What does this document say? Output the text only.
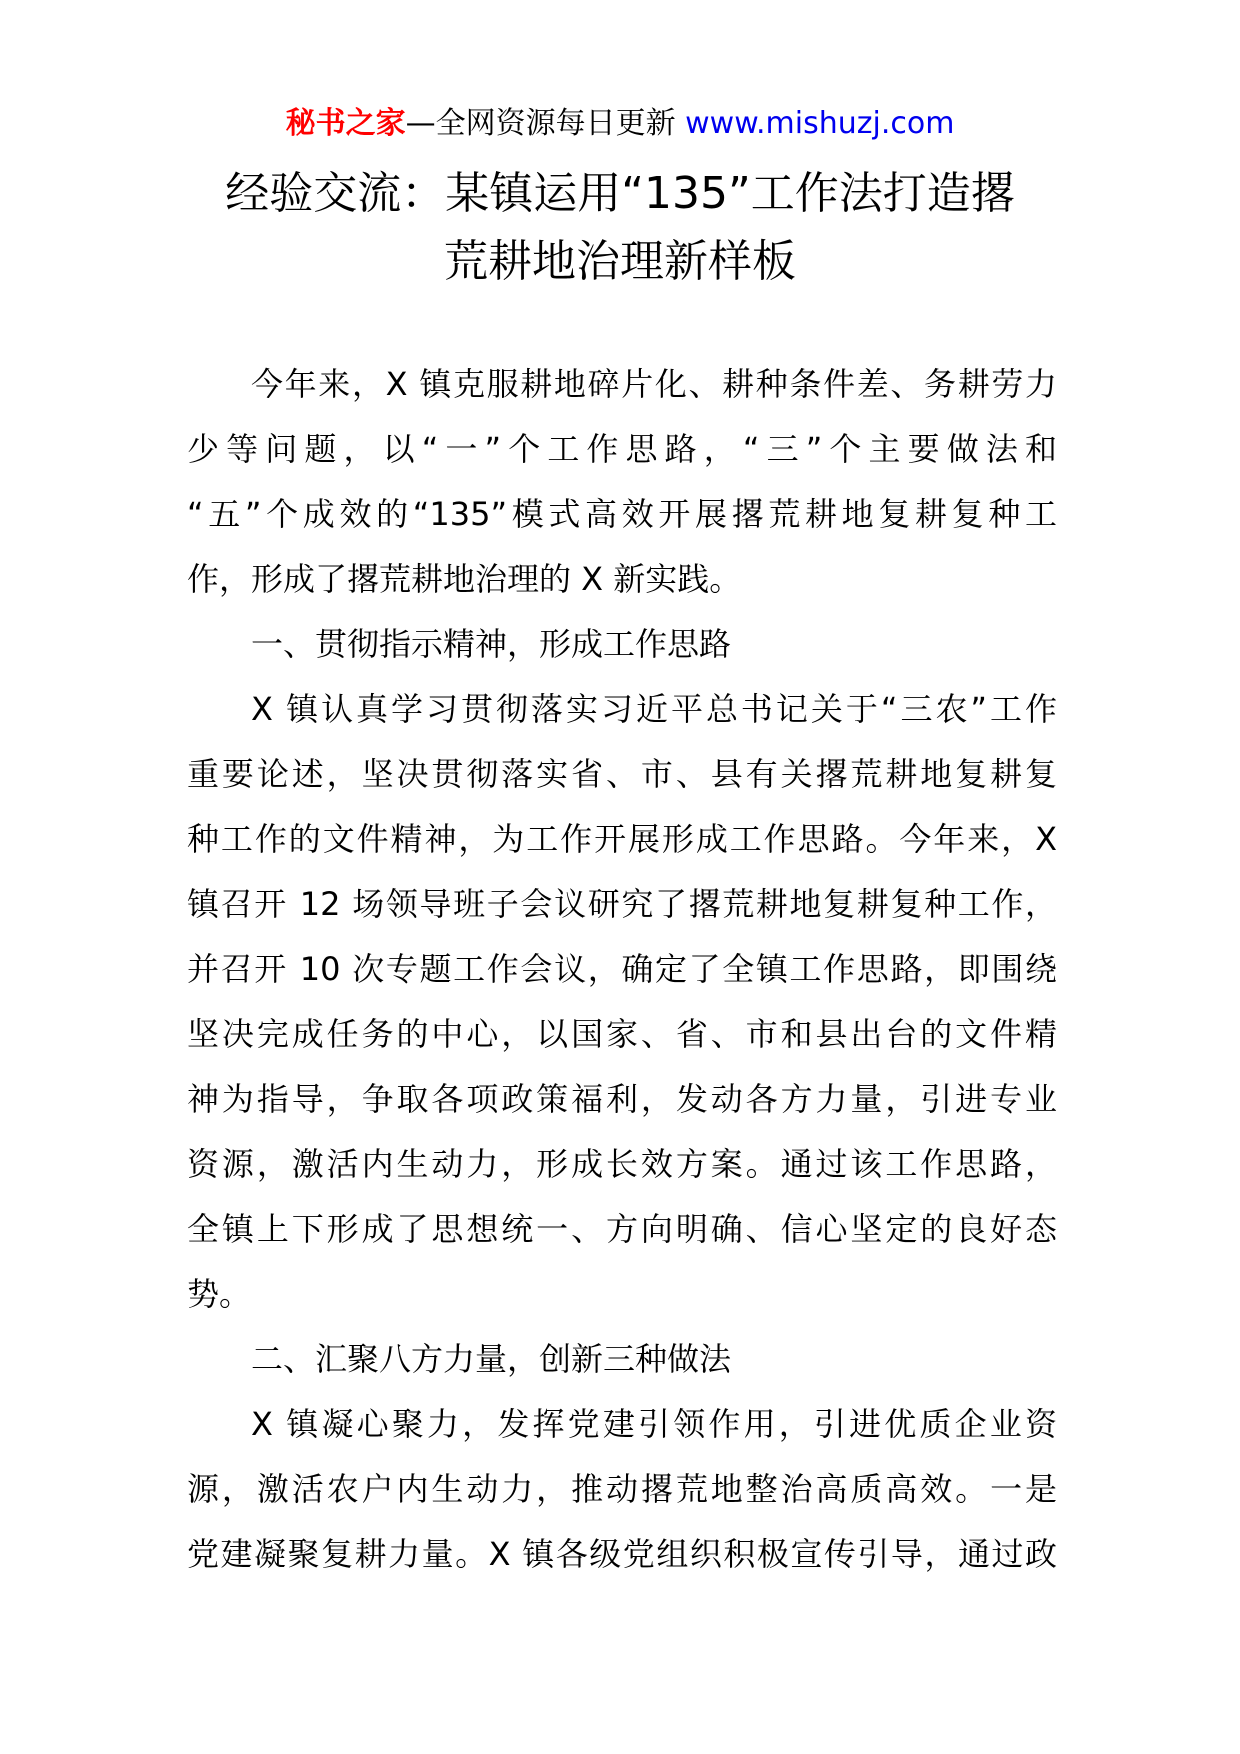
秘书之家—全网资源每日更新 www.mishuzj.com
经验交流：某镇运用“135”工作法打造撂
荒耕地治理新样板
今年来，X 镇克服耕地碎片化、耕种条件差、务耕劳力
少等问题，以“一”个工作思路，“三”个主要做法和
“五”个成效的“135”模式高效开展撂荒耕地复耕复种工
作，形成了撂荒耕地治理的 X 新实践。
一、贯彻指示精神，形成工作思路
X 镇认真学习贯彻落实习近平总书记关于“三农”工作
重要论述，坚决贯彻落实省、市、县有关撂荒耕地复耕复
种工作的文件精神，为工作开展形成工作思路。今年来，X
镇召开 12 场领导班子会议研究了撂荒耕地复耕复种工作，
并召开 10 次专题工作会议，确定了全镇工作思路，即围绕
坚决完成任务的中心，以国家、省、市和县出台的文件精
神为指导，争取各项政策福利，发动各方力量，引进专业
资源，激活内生动力，形成长效方案。通过该工作思路，
全镇上下形成了思想统一、方向明确、信心坚定的良好态
势。
二、汇聚八方力量，创新三种做法
X 镇凝心聚力，发挥党建引领作用，引进优质企业资
源，激活农户内生动力，推动撂荒地整治高质高效。一是
党建凝聚复耕力量。X 镇各级党组织积极宣传引导，通过政
